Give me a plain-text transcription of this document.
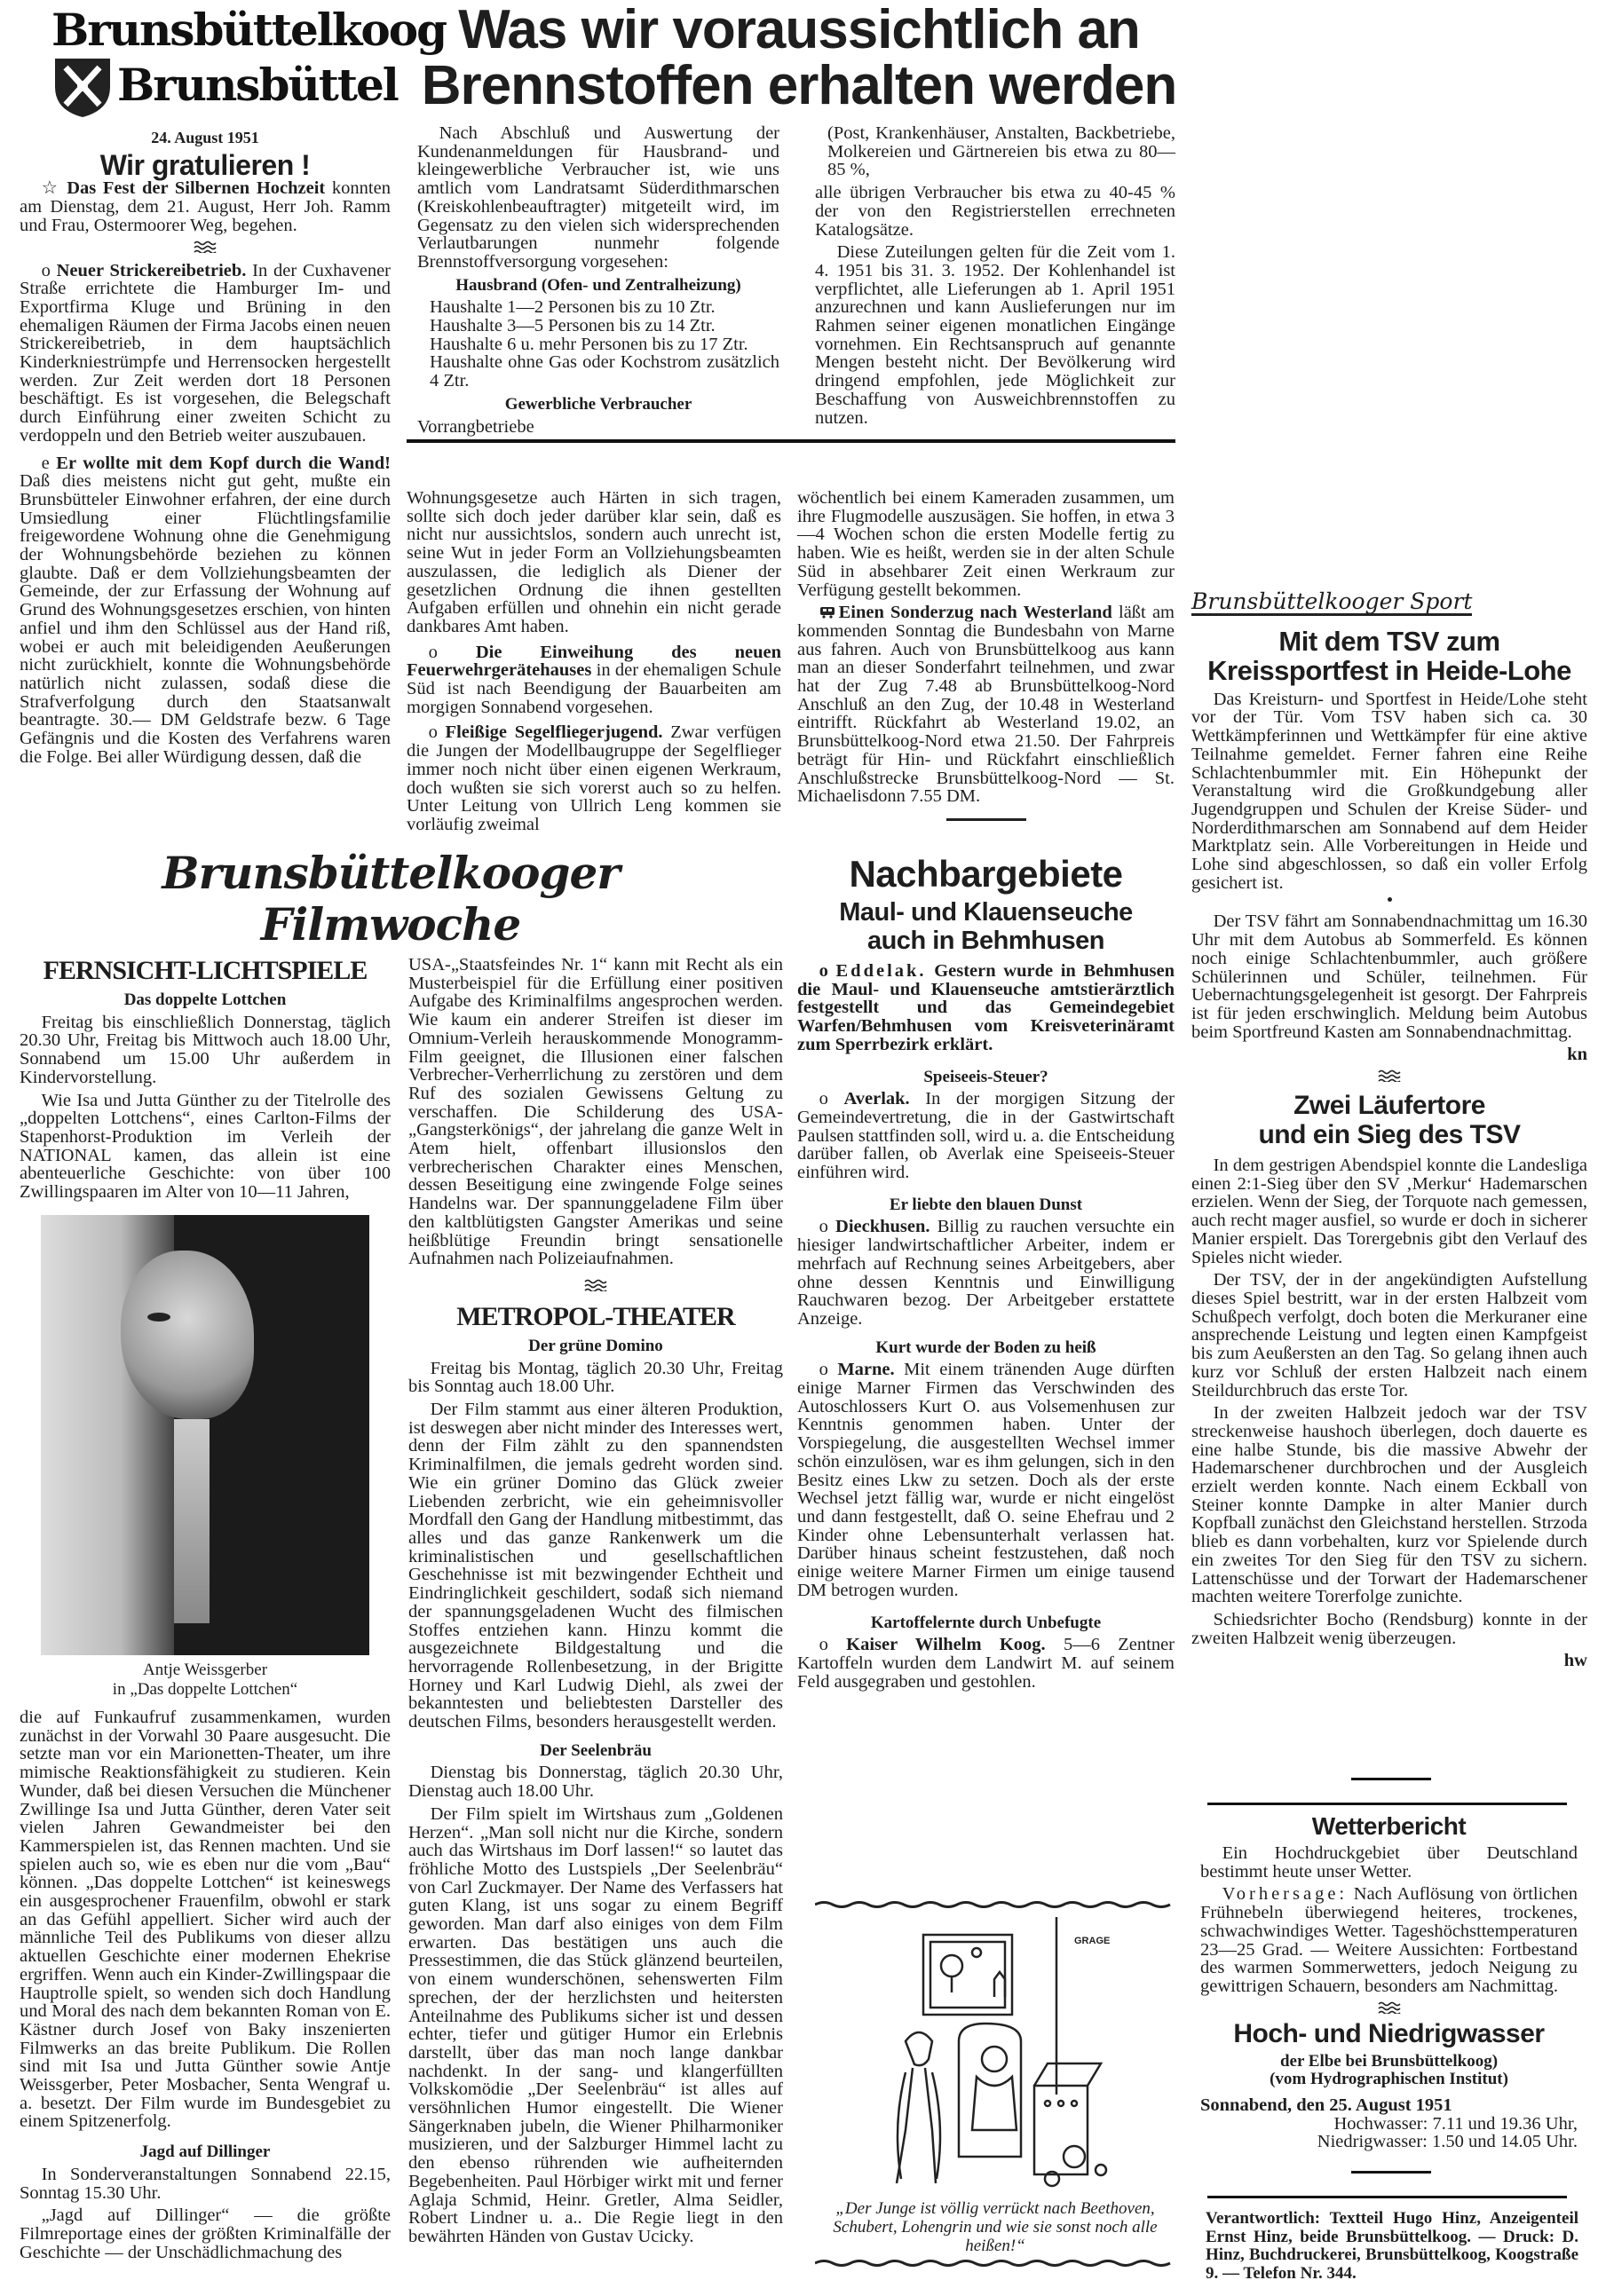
Brunsbüttelkoog
Brunsbüttel
24. August 1951
Wir gratulieren !

☆ Das Fest der Silbernen Hochzeit konnten am Dienstag, dem 21. August, Herr Joh. Ramm und Frau, Ostermoorer Weg, begehen.

o Neuer Strickereibetrieb. In der Cuxhavener Straße errichtete die Hamburger Im- und Exportfirma Kluge und Brüning in den ehemaligen Räumen der Firma Jacobs einen neuen Strickereibetrieb, in dem hauptsächlich Kinderkniestrümpfe und Herrensocken hergestellt werden. Zur Zeit werden dort 18 Personen beschäftigt. Es ist vorgesehen, die Belegschaft durch Einführung einer zweiten Schicht zu verdoppeln und den Betrieb weiter auszubauen.

e Er wollte mit dem Kopf durch die Wand! Daß dies meistens nicht gut geht, mußte ein Brunsbütteler Einwohner erfahren, der eine durch Umsiedlung einer Flüchtlingsfamilie freigewordene Wohnung ohne die Genehmigung der Wohnungsbehörde beziehen zu können glaubte. Daß er dem Vollziehungsbeamten der Gemeinde, der zur Erfassung der Wohnung auf Grund des Wohnungsgesetzes erschien, von hinten anfiel und ihm den Schlüssel aus der Hand riß, wobei er auch mit beleidigenden Aeußerungen nicht zurückhielt, konnte die Wohnungsbehörde natürlich nicht zulassen, sodaß diese die Strafverfolgung durch den Staatsanwalt beantragte. 30.— DM Geldstrafe bezw. 6 Tage Gefängnis und die Kosten des Verfahrens waren die Folge. Bei aller Würdigung dessen, daß die

Was wir voraussichtlich an
Brennstoffen erhalten werden

Nach Abschluß und Auswertung der Kundenanmeldungen für Hausbrand- und kleingewerbliche Verbraucher ist, wie uns amtlich vom Landratsamt Süderdithmarschen (Kreiskohlenbeauftragter) mitgeteilt wird, im Gegensatz zu den vielen sich widersprechenden Verlautbarungen nunmehr folgende Brennstoffversorgung vorgesehen:

Hausbrand (Ofen- und Zentralheizung)
Haushalte 1—2 Personen bis zu 10 Ztr.
Haushalte 3—5 Personen bis zu 14 Ztr.
Haushalte 6 u. mehr Personen bis zu 17 Ztr.
Haushalte ohne Gas oder Kochstrom zusätzlich 4 Ztr.
Gewerbliche Verbraucher
Vorrangbetriebe

(Post, Krankenhäuser, Anstalten, Backbetriebe, Molkereien und Gärtnereien bis etwa zu 80—85 %,

alle übrigen Verbraucher bis etwa zu 40-45 % der von den Registrierstellen errechneten Katalogsätze.

Diese Zuteilungen gelten für die Zeit vom 1. 4. 1951 bis 31. 3. 1952. Der Kohlenhandel ist verpflichtet, alle Lieferungen ab 1. April 1951 anzurechnen und kann Auslieferungen nur im Rahmen seiner eigenen monatlichen Eingänge vornehmen. Ein Rechtsanspruch auf genannte Mengen besteht nicht. Der Bevölkerung wird dringend empfohlen, jede Möglichkeit zur Beschaffung von Ausweichbrennstoffen zu nutzen.

Wohnungsgesetze auch Härten in sich tragen, sollte sich doch jeder darüber klar sein, daß es nicht nur aussichtslos, sondern auch unrecht ist, seine Wut in jeder Form an Vollziehungsbeamten auszulassen, die lediglich als Diener der gesetzlichen Ordnung die ihnen gestellten Aufgaben erfüllen und ohnehin ein nicht gerade dankbares Amt haben.

o Die Einweihung des neuen Feuerwehrgerätehauses in der ehemaligen Schule Süd ist nach Beendigung der Bauarbeiten am morgigen Sonnabend vorgesehen.

o Fleißige Segelfliegerjugend. Zwar verfügen die Jungen der Modellbaugruppe der Segelflieger immer noch nicht über einen eigenen Werkraum, doch wußten sie sich vorerst auch so zu helfen. Unter Leitung von Ullrich Leng kommen sie vorläufig zweimal

wöchentlich bei einem Kameraden zusammen, um ihre Flugmodelle auszusägen. Sie hoffen, in etwa 3—4 Wochen schon die ersten Modelle fertig zu haben. Wie es heißt, werden sie in der alten Schule Süd in absehbarer Zeit einen Werkraum zur Verfügung gestellt bekommen.

Einen Sonderzug nach Westerland läßt am kommenden Sonntag die Bundesbahn von Marne aus fahren. Auch von Brunsbüttelkoog aus kann man an dieser Sonderfahrt teilnehmen, und zwar hat der Zug 7.48 ab Brunsbüttelkoog-Nord Anschluß an den Zug, der 10.48 in Westerland eintrifft. Rückfahrt ab Westerland 19.02, an Brunsbüttelkoog-Nord etwa 21.50. Der Fahrpreis beträgt für Hin- und Rückfahrt einschließlich Anschlußstrecke Brunsbüttelkoog-Nord — St. Michaelisdonn 7.55 DM.

Brunsbüttelkooger Sport
Mit dem TSV zum
Kreissportfest in Heide-Lohe

Das Kreisturn- und Sportfest in Heide/Lohe steht vor der Tür. Vom TSV haben sich ca. 30 Wettkämpferinnen und Wettkämpfer für eine aktive Teilnahme gemeldet. Ferner fahren eine Reihe Schlachtenbummler mit. Ein Höhepunkt der Veranstaltung wird die Großkundgebung aller Jugendgruppen und Schulen der Kreise Süder- und Norderdithmarschen am Sonnabend auf dem Heider Marktplatz sein. Alle Vorbereitungen in Heide und Lohe sind abgeschlossen, so daß ein voller Erfolg gesichert ist.

Der TSV fährt am Sonnabendnachmittag um 16.30 Uhr mit dem Autobus ab Sommerfeld. Es können noch einige Schlachtenbummler, auch größere Schülerinnen und Schüler, teilnehmen. Für Uebernachtungsgelegenheit ist gesorgt. Der Fahrpreis ist für jeden erschwinglich. Meldung beim Autobus beim Sportfreund Kasten am Sonnabendnachmittag.

kn

Zwei Läufertore
und ein Sieg des TSV

In dem gestrigen Abendspiel konnte die Landesliga einen 2:1-Sieg über den SV ‚Merkur‘ Hademarschen erzielen. Wenn der Sieg, der Torquote nach gemessen, auch recht mager ausfiel, so wurde er doch in sicherer Manier erspielt. Das Torergebnis gibt den Verlauf des Spieles nicht wieder.

Der TSV, der in der angekündigten Aufstellung dieses Spiel bestritt, war in der ersten Halbzeit vom Schußpech verfolgt, doch boten die Merkuraner eine ansprechende Leistung und legten einen Kampfgeist bis zum Aeußersten an den Tag. So gelang ihnen auch kurz vor Schluß der ersten Halbzeit nach einem Steildurchbruch das erste Tor.

In der zweiten Halbzeit jedoch war der TSV streckenweise haushoch überlegen, doch dauerte es eine halbe Stunde, bis die massive Abwehr der Hademarschener durchbrochen und der Ausgleich erzielt werden konnte. Nach einem Eckball von Steiner konnte Dampke in alter Manier durch Kopfball zunächst den Gleichstand herstellen. Strzoda blieb es dann vorbehalten, kurz vor Spielende durch ein zweites Tor den Sieg für den TSV zu sichern. Lattenschüsse und der Torwart der Hademarschener machten weitere Torerfolge zunichte.

Schiedsrichter Bocho (Rendsburg) konnte in der zweiten Halbzeit wenig überzeugen.

hw

Wetterbericht

Ein Hochdruckgebiet über Deutschland bestimmt heute unser Wetter.

Vorhersage: Nach Auflösung von örtlichen Frühnebeln überwiegend heiteres, trockenes, schwachwindiges Wetter. Tageshöchsttemperaturen 23—25 Grad. — Weitere Aussichten: Fortbestand des warmen Sommerwetters, jedoch Neigung zu gewittrigen Schauern, besonders am Nachmittag.

Hoch- und Niedrigwasser
der Elbe bei Brunsbüttelkoog)
(vom Hydrographischen Institut)
Sonnabend, den 25. August 1951
Hochwasser: 7.11 und 19.36 Uhr,
Niedrigwasser: 1.50 und 14.05 Uhr.
Verantwortlich: Textteil Hugo Hinz, Anzeigenteil Ernst Hinz, beide Brunsbüttelkoog. — Druck: D. Hinz, Buchdruckerei, Brunsbüttelkoog, Koogstraße 9. — Telefon Nr. 344.
Brunsbüttelkooger Filmwoche
FERNSICHT-LICHTSPIELE
Das doppelte Lottchen

Freitag bis einschließlich Donnerstag, täglich 20.30 Uhr, Freitag bis Mittwoch auch 18.00 Uhr, Sonnabend um 15.00 Uhr außerdem in Kindervorstellung.

Wie Isa und Jutta Günther zu der Titelrolle des „doppelten Lottchens“, eines Carlton-Films der Stapenhorst-Produktion im Verleih der NATIONAL kamen, das allein ist eine abenteuerliche Geschichte: von über 100 Zwillingspaaren im Alter von 10—11 Jahren,

Antje Weissgerber
in „Das doppelte Lottchen“

die auf Funkaufruf zusammenkamen, wurden zunächst in der Vorwahl 30 Paare ausgesucht. Die setzte man vor ein Marionetten-Theater, um ihre mimische Reaktionsfähigkeit zu studieren. Kein Wunder, daß bei diesen Versuchen die Münchener Zwillinge Isa und Jutta Günther, deren Vater seit vielen Jahren Gewandmeister bei den Kammerspielen ist, das Rennen machten. Und sie spielen auch so, wie es eben nur die vom „Bau“ können. „Das doppelte Lottchen“ ist keineswegs ein ausgesprochener Frauenfilm, obwohl er stark an das Gefühl appelliert. Sicher wird auch der männliche Teil des Publikums von dieser allzu aktuellen Geschichte einer modernen Ehekrise ergriffen. Wenn auch ein Kinder-Zwillingspaar die Hauptrolle spielt, so wenden sich doch Handlung und Moral des nach dem bekannten Roman von E. Kästner durch Josef von Baky inszenierten Filmwerks an das breite Publikum. Die Rollen sind mit Isa und Jutta Günther sowie Antje Weissgerber, Peter Mosbacher, Senta Wengraf u. a. besetzt. Der Film wurde im Bundesgebiet zu einem Spitzenerfolg.

Jagd auf Dillinger

In Sonderveranstaltungen Sonnabend 22.15, Sonntag 15.30 Uhr.

„Jagd auf Dillinger“ — die größte Filmreportage eines der größten Kriminalfälle der Geschichte — der Unschädlichmachung des

USA-„Staatsfeindes Nr. 1“ kann mit Recht als ein Musterbeispiel für die Erfüllung einer positiven Aufgabe des Kriminalfilms angesprochen werden. Wie kaum ein anderer Streifen ist dieser im Omnium-Verleih herauskommende Monogramm-Film geeignet, die Illusionen einer falschen Verbrecher-Verherrlichung zu zerstören und dem Ruf des sozialen Gewissens Geltung zu verschaffen. Die Schilderung des USA-„Gangsterkönigs“, der jahrelang die ganze Welt in Atem hielt, offenbart illusionslos den verbrecherischen Charakter eines Menschen, dessen Beseitigung eine zwingende Folge seines Handelns war. Der spannunggeladene Film über den kaltblütigsten Gangster Amerikas und seine heißblütige Freundin bringt sensationelle Aufnahmen nach Polizeiaufnahmen.

METROPOL-THEATER
Der grüne Domino

Freitag bis Montag, täglich 20.30 Uhr, Freitag bis Sonntag auch 18.00 Uhr.

Der Film stammt aus einer älteren Produktion, ist deswegen aber nicht minder des Interesses wert, denn der Film zählt zu den spannendsten Kriminalfilmen, die jemals gedreht worden sind. Wie ein grüner Domino das Glück zweier Liebenden zerbricht, wie ein geheimnisvoller Mordfall den Gang der Handlung mitbestimmt, das alles und das ganze Rankenwerk um die kriminalistischen und gesellschaftlichen Geschehnisse ist mit bezwingender Echtheit und Eindringlichkeit geschildert, sodaß sich niemand der spannungsgeladenen Wucht des filmischen Stoffes entziehen kann. Hinzu kommt die ausgezeichnete Bildgestaltung und die hervorragende Rollenbesetzung, in der Brigitte Horney und Karl Ludwig Diehl, als zwei der bekanntesten und beliebtesten Darsteller des deutschen Films, besonders herausgestellt werden.

Der Seelenbräu

Dienstag bis Donnerstag, täglich 20.30 Uhr, Dienstag auch 18.00 Uhr.

Der Film spielt im Wirtshaus zum „Goldenen Herzen“. „Man soll nicht nur die Kirche, sondern auch das Wirtshaus im Dorf lassen!“ so lautet das fröhliche Motto des Lustspiels „Der Seelenbräu“ von Carl Zuckmayer. Der Name des Verfassers hat guten Klang, ist uns sogar zu einem Begriff geworden. Man darf also einiges von dem Film erwarten. Das bestätigen uns auch die Pressestimmen, die das Stück glänzend beurteilen, von einem wunderschönen, sehenswerten Film sprechen, der der herzlichsten und heitersten Anteilnahme des Publikums sicher ist und dessen echter, tiefer und gütiger Humor ein Erlebnis darstellt, über das man noch lange dankbar nachdenkt. In der sang- und klangerfüllten Volkskomödie „Der Seelenbräu“ ist alles auf versöhnlichen Humor eingestellt. Die Wiener Sängerknaben jubeln, die Wiener Philharmoniker musizieren, und der Salzburger Himmel lacht zu den ebenso rührenden wie aufheiternden Begebenheiten. Paul Hörbiger wirkt mit und ferner Aglaja Schmid, Heinr. Gretler, Alma Seidler, Robert Lindner u. a.. Die Regie liegt in den bewährten Händen von Gustav Ucicky.

Nachbargebiete
Maul- und Klauenseuche
auch in Behmhusen

o Eddelak. Gestern wurde in Behmhusen die Maul- und Klauenseuche amtstierärztlich festgestellt und das Gemeindegebiet Warfen/Behmhusen vom Kreisveterinäramt zum Sperrbezirk erklärt.

Speiseeis-Steuer?

o Averlak. In der morgigen Sitzung der Gemeindevertretung, die in der Gastwirtschaft Paulsen stattfinden soll, wird u. a. die Entscheidung darüber fallen, ob Averlak eine Speiseeis-Steuer einführen wird.

Er liebte den blauen Dunst

o Dieckhusen. Billig zu rauchen versuchte ein hiesiger landwirtschaftlicher Arbeiter, indem er mehrfach auf Rechnung seines Arbeitgebers, aber ohne dessen Kenntnis und Einwilligung Rauchwaren bezog. Der Arbeitgeber erstattete Anzeige.

Kurt wurde der Boden zu heiß

o Marne. Mit einem tränenden Auge dürften einige Marner Firmen das Verschwinden des Autoschlossers Kurt O. aus Volsemenhusen zur Kenntnis genommen haben. Unter der Vorspiegelung, die ausgestellten Wechsel immer schön einzulösen, war es ihm gelungen, sich in den Besitz eines Lkw zu setzen. Doch als der erste Wechsel jetzt fällig war, wurde er nicht eingelöst und dann festgestellt, daß O. seine Ehefrau und 2 Kinder ohne Lebensunterhalt verlassen hat. Darüber hinaus scheint festzustehen, daß noch einige weitere Marner Firmen um einige tausend DM betrogen wurden.

Kartoffelernte durch Unbefugte

o Kaiser Wilhelm Koog. 5—6 Zentner Kartoffeln wurden dem Landwirt M. auf seinem Feld ausgegraben und gestohlen.

GRAGE
„Der Junge ist völlig verrückt nach Beethoven, Schubert, Lohengrin und wie sie sonst noch alle heißen!“
